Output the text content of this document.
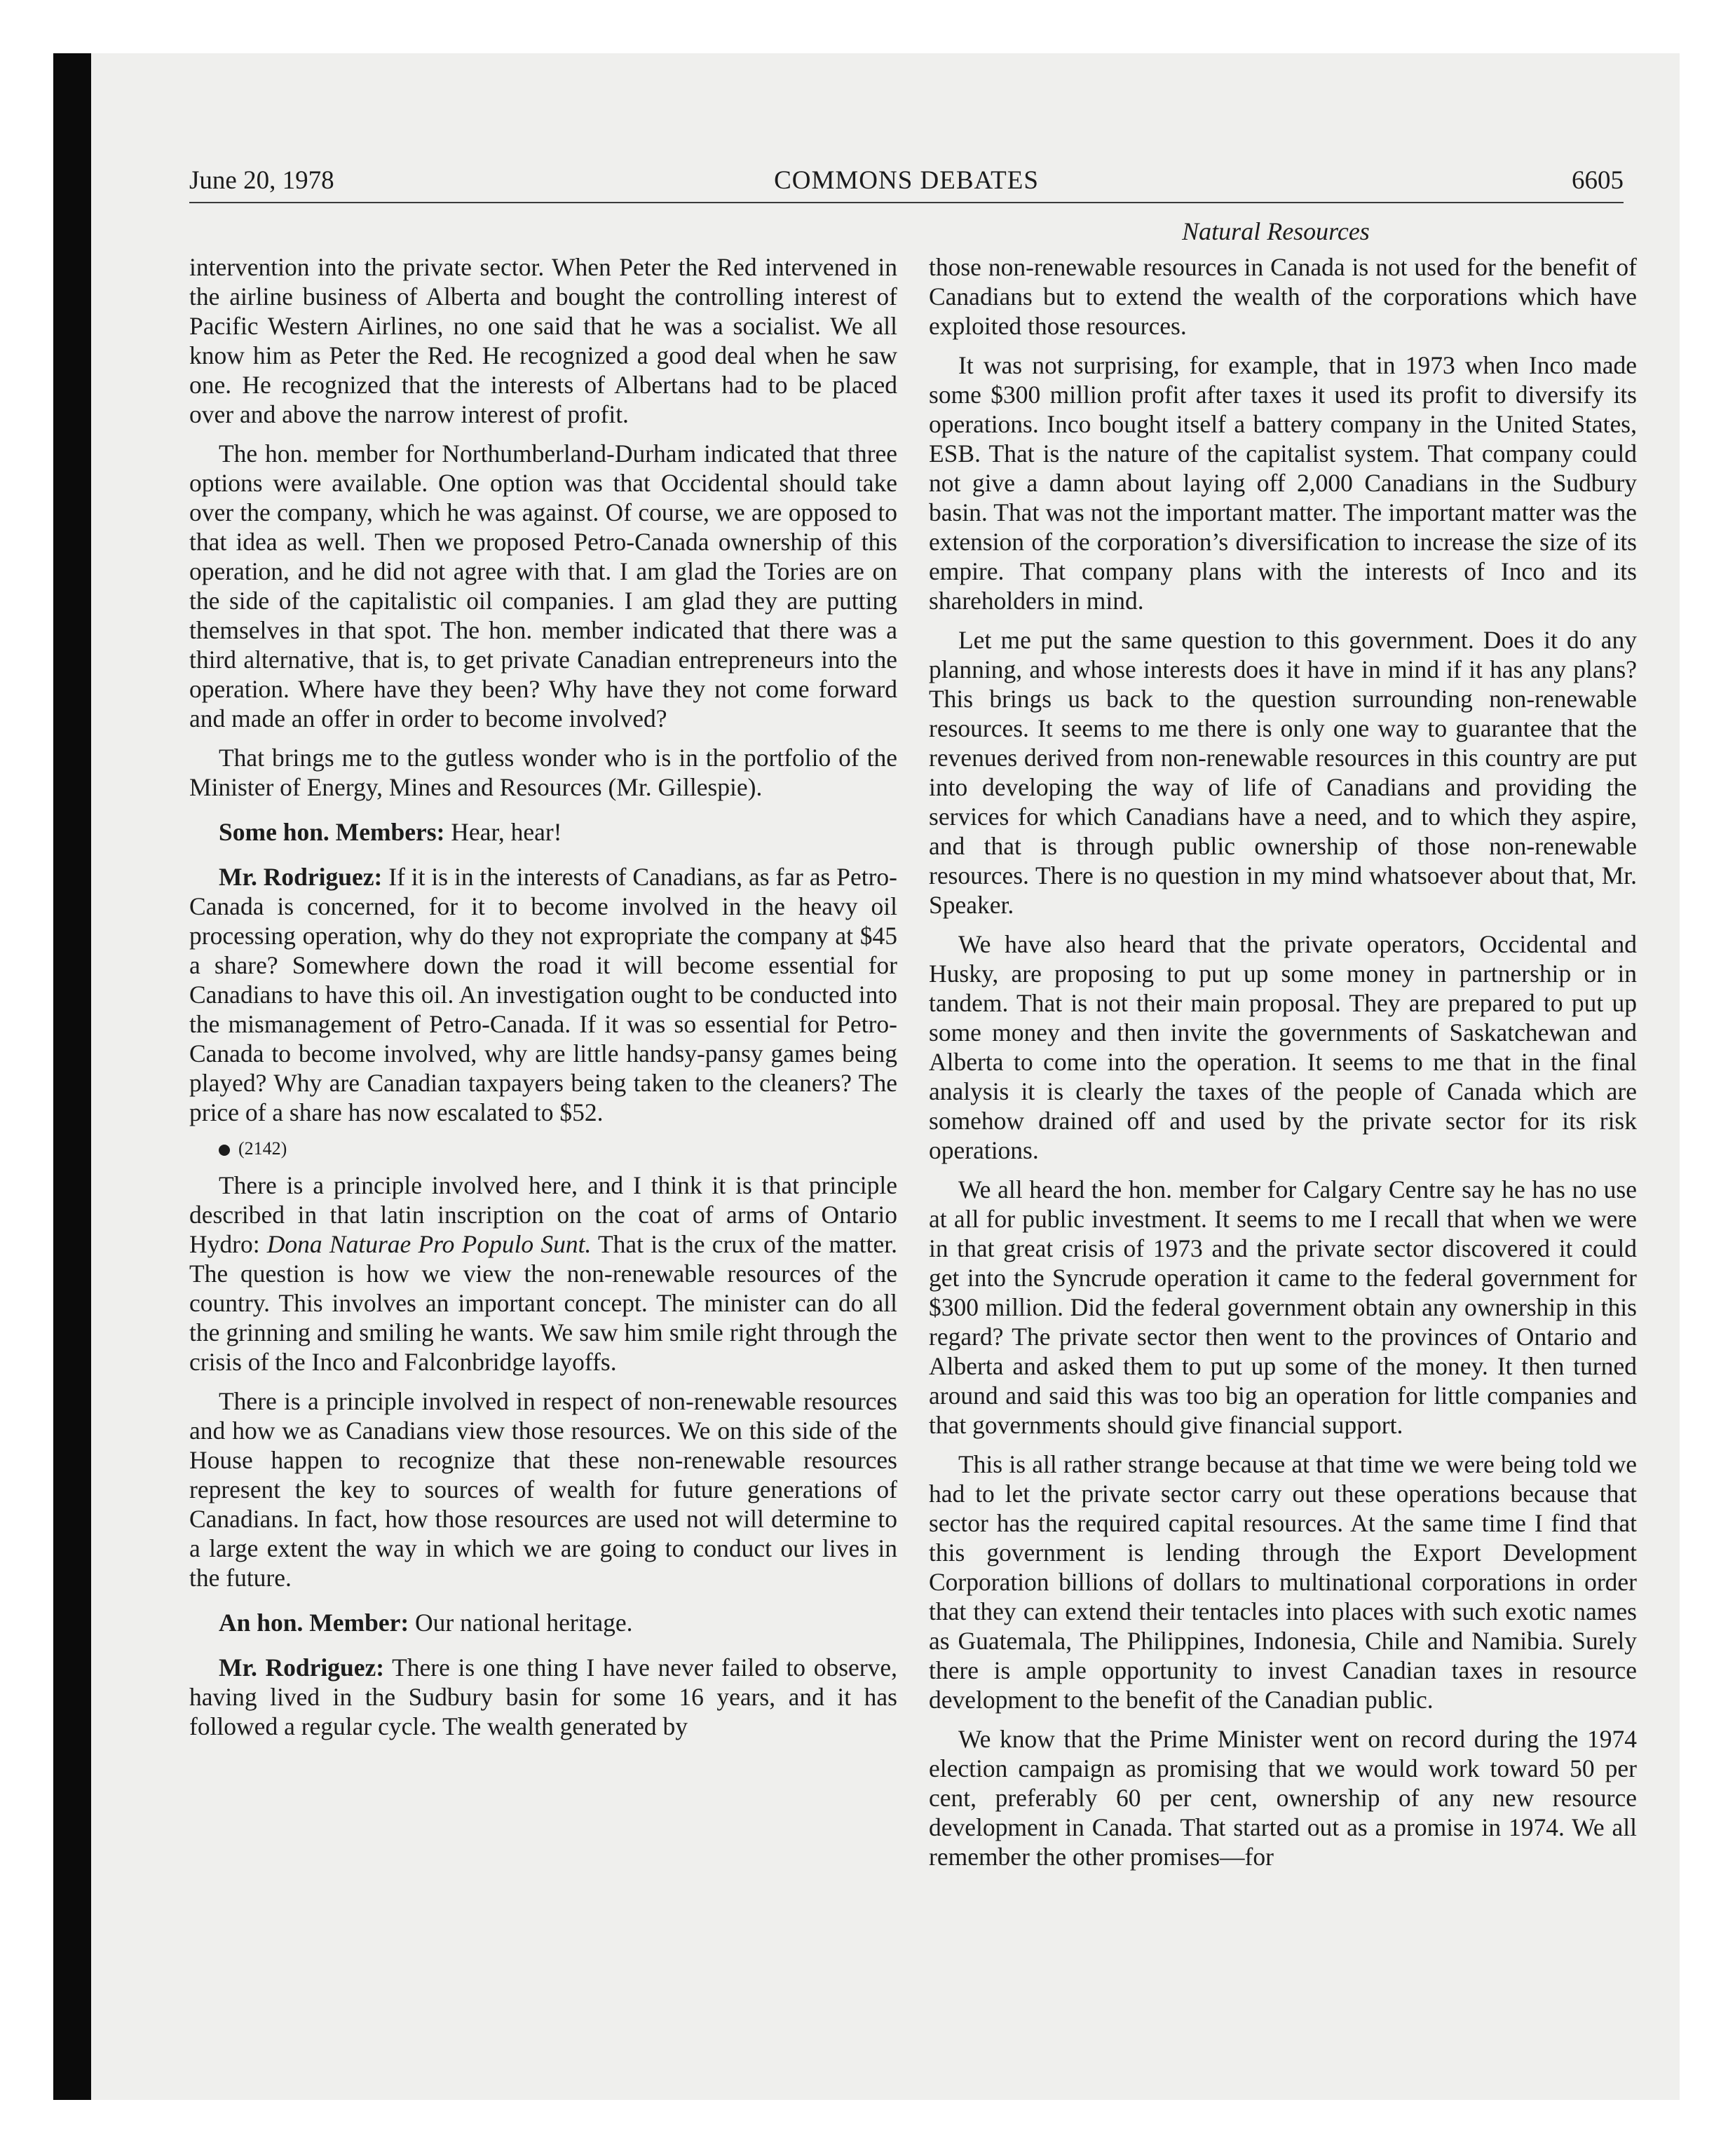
June 20, 1978	COMMONS DEBATES	6605
Natural Resources

intervention into the private sector. When Peter the Red intervened in the airline business of Alberta and bought the controlling interest of Pacific Western Airlines, no one said that he was a socialist. We all know him as Peter the Red. He recognized a good deal when he saw one. He recognized that the interests of Albertans had to be placed over and above the narrow interest of profit.

The hon. member for Northumberland-Durham indicated that three options were available. One option was that Occidental should take over the company, which he was against. Of course, we are opposed to that idea as well. Then we proposed Petro-Canada ownership of this operation, and he did not agree with that. I am glad the Tories are on the side of the capitalistic oil companies. I am glad they are putting themselves in that spot. The hon. member indicated that there was a third alternative, that is, to get private Canadian entrepreneurs into the operation. Where have they been? Why have they not come forward and made an offer in order to become involved?

That brings me to the gutless wonder who is in the portfolio of the Minister of Energy, Mines and Resources (Mr. Gillespie).

Some hon. Members: Hear, hear!

Mr. Rodriguez: If it is in the interests of Canadians, as far as Petro-Canada is concerned, for it to become involved in the heavy oil processing operation, why do they not expropriate the company at $45 a share? Somewhere down the road it will become essential for Canadians to have this oil. An investigation ought to be conducted into the mismanagement of Petro-Canada. If it was so essential for Petro-Canada to become involved, why are little handsy-pansy games being played? Why are Canadian taxpayers being taken to the cleaners? The price of a share has now escalated to $52.

(2142)

There is a principle involved here, and I think it is that principle described in that latin inscription on the coat of arms of Ontario Hydro: Dona Naturae Pro Populo Sunt. That is the crux of the matter. The question is how we view the non-renewable resources of the country. This involves an important concept. The minister can do all the grinning and smiling he wants. We saw him smile right through the crisis of the Inco and Falconbridge layoffs.

There is a principle involved in respect of non-renewable resources and how we as Canadians view those resources. We on this side of the House happen to recognize that these non-renewable resources represent the key to sources of wealth for future generations of Canadians. In fact, how those resources are used not will determine to a large extent the way in which we are going to conduct our lives in the future.

An hon. Member: Our national heritage.

Mr. Rodriguez: There is one thing I have never failed to observe, having lived in the Sudbury basin for some 16 years, and it has followed a regular cycle. The wealth generated by

those non-renewable resources in Canada is not used for the benefit of Canadians but to extend the wealth of the corporations which have exploited those resources.

It was not surprising, for example, that in 1973 when Inco made some $300 million profit after taxes it used its profit to diversify its operations. Inco bought itself a battery company in the United States, ESB. That is the nature of the capitalist system. That company could not give a damn about laying off 2,000 Canadians in the Sudbury basin. That was not the important matter. The important matter was the extension of the corporation’s diversification to increase the size of its empire. That company plans with the interests of Inco and its shareholders in mind.

Let me put the same question to this government. Does it do any planning, and whose interests does it have in mind if it has any plans? This brings us back to the question surrounding non-renewable resources. It seems to me there is only one way to guarantee that the revenues derived from non-renewable resources in this country are put into developing the way of life of Canadians and providing the services for which Canadians have a need, and to which they aspire, and that is through public ownership of those non-renewable resources. There is no question in my mind whatsoever about that, Mr. Speaker.

We have also heard that the private operators, Occidental and Husky, are proposing to put up some money in partnership or in tandem. That is not their main proposal. They are prepared to put up some money and then invite the governments of Saskatchewan and Alberta to come into the operation. It seems to me that in the final analysis it is clearly the taxes of the people of Canada which are somehow drained off and used by the private sector for its risk operations.

We all heard the hon. member for Calgary Centre say he has no use at all for public investment. It seems to me I recall that when we were in that great crisis of 1973 and the private sector discovered it could get into the Syncrude operation it came to the federal government for $300 million. Did the federal government obtain any ownership in this regard? The private sector then went to the provinces of Ontario and Alberta and asked them to put up some of the money. It then turned around and said this was too big an operation for little companies and that governments should give financial support.

This is all rather strange because at that time we were being told we had to let the private sector carry out these operations because that sector has the required capital resources. At the same time I find that this government is lending through the Export Development Corporation billions of dollars to multinational corporations in order that they can extend their tentacles into places with such exotic names as Guatemala, The Philippines, Indonesia, Chile and Namibia. Surely there is ample opportunity to invest Canadian taxes in resource development to the benefit of the Canadian public.

We know that the Prime Minister went on record during the 1974 election campaign as promising that we would work toward 50 per cent, preferably 60 per cent, ownership of any new resource development in Canada. That started out as a promise in 1974. We all remember the other promises—for
